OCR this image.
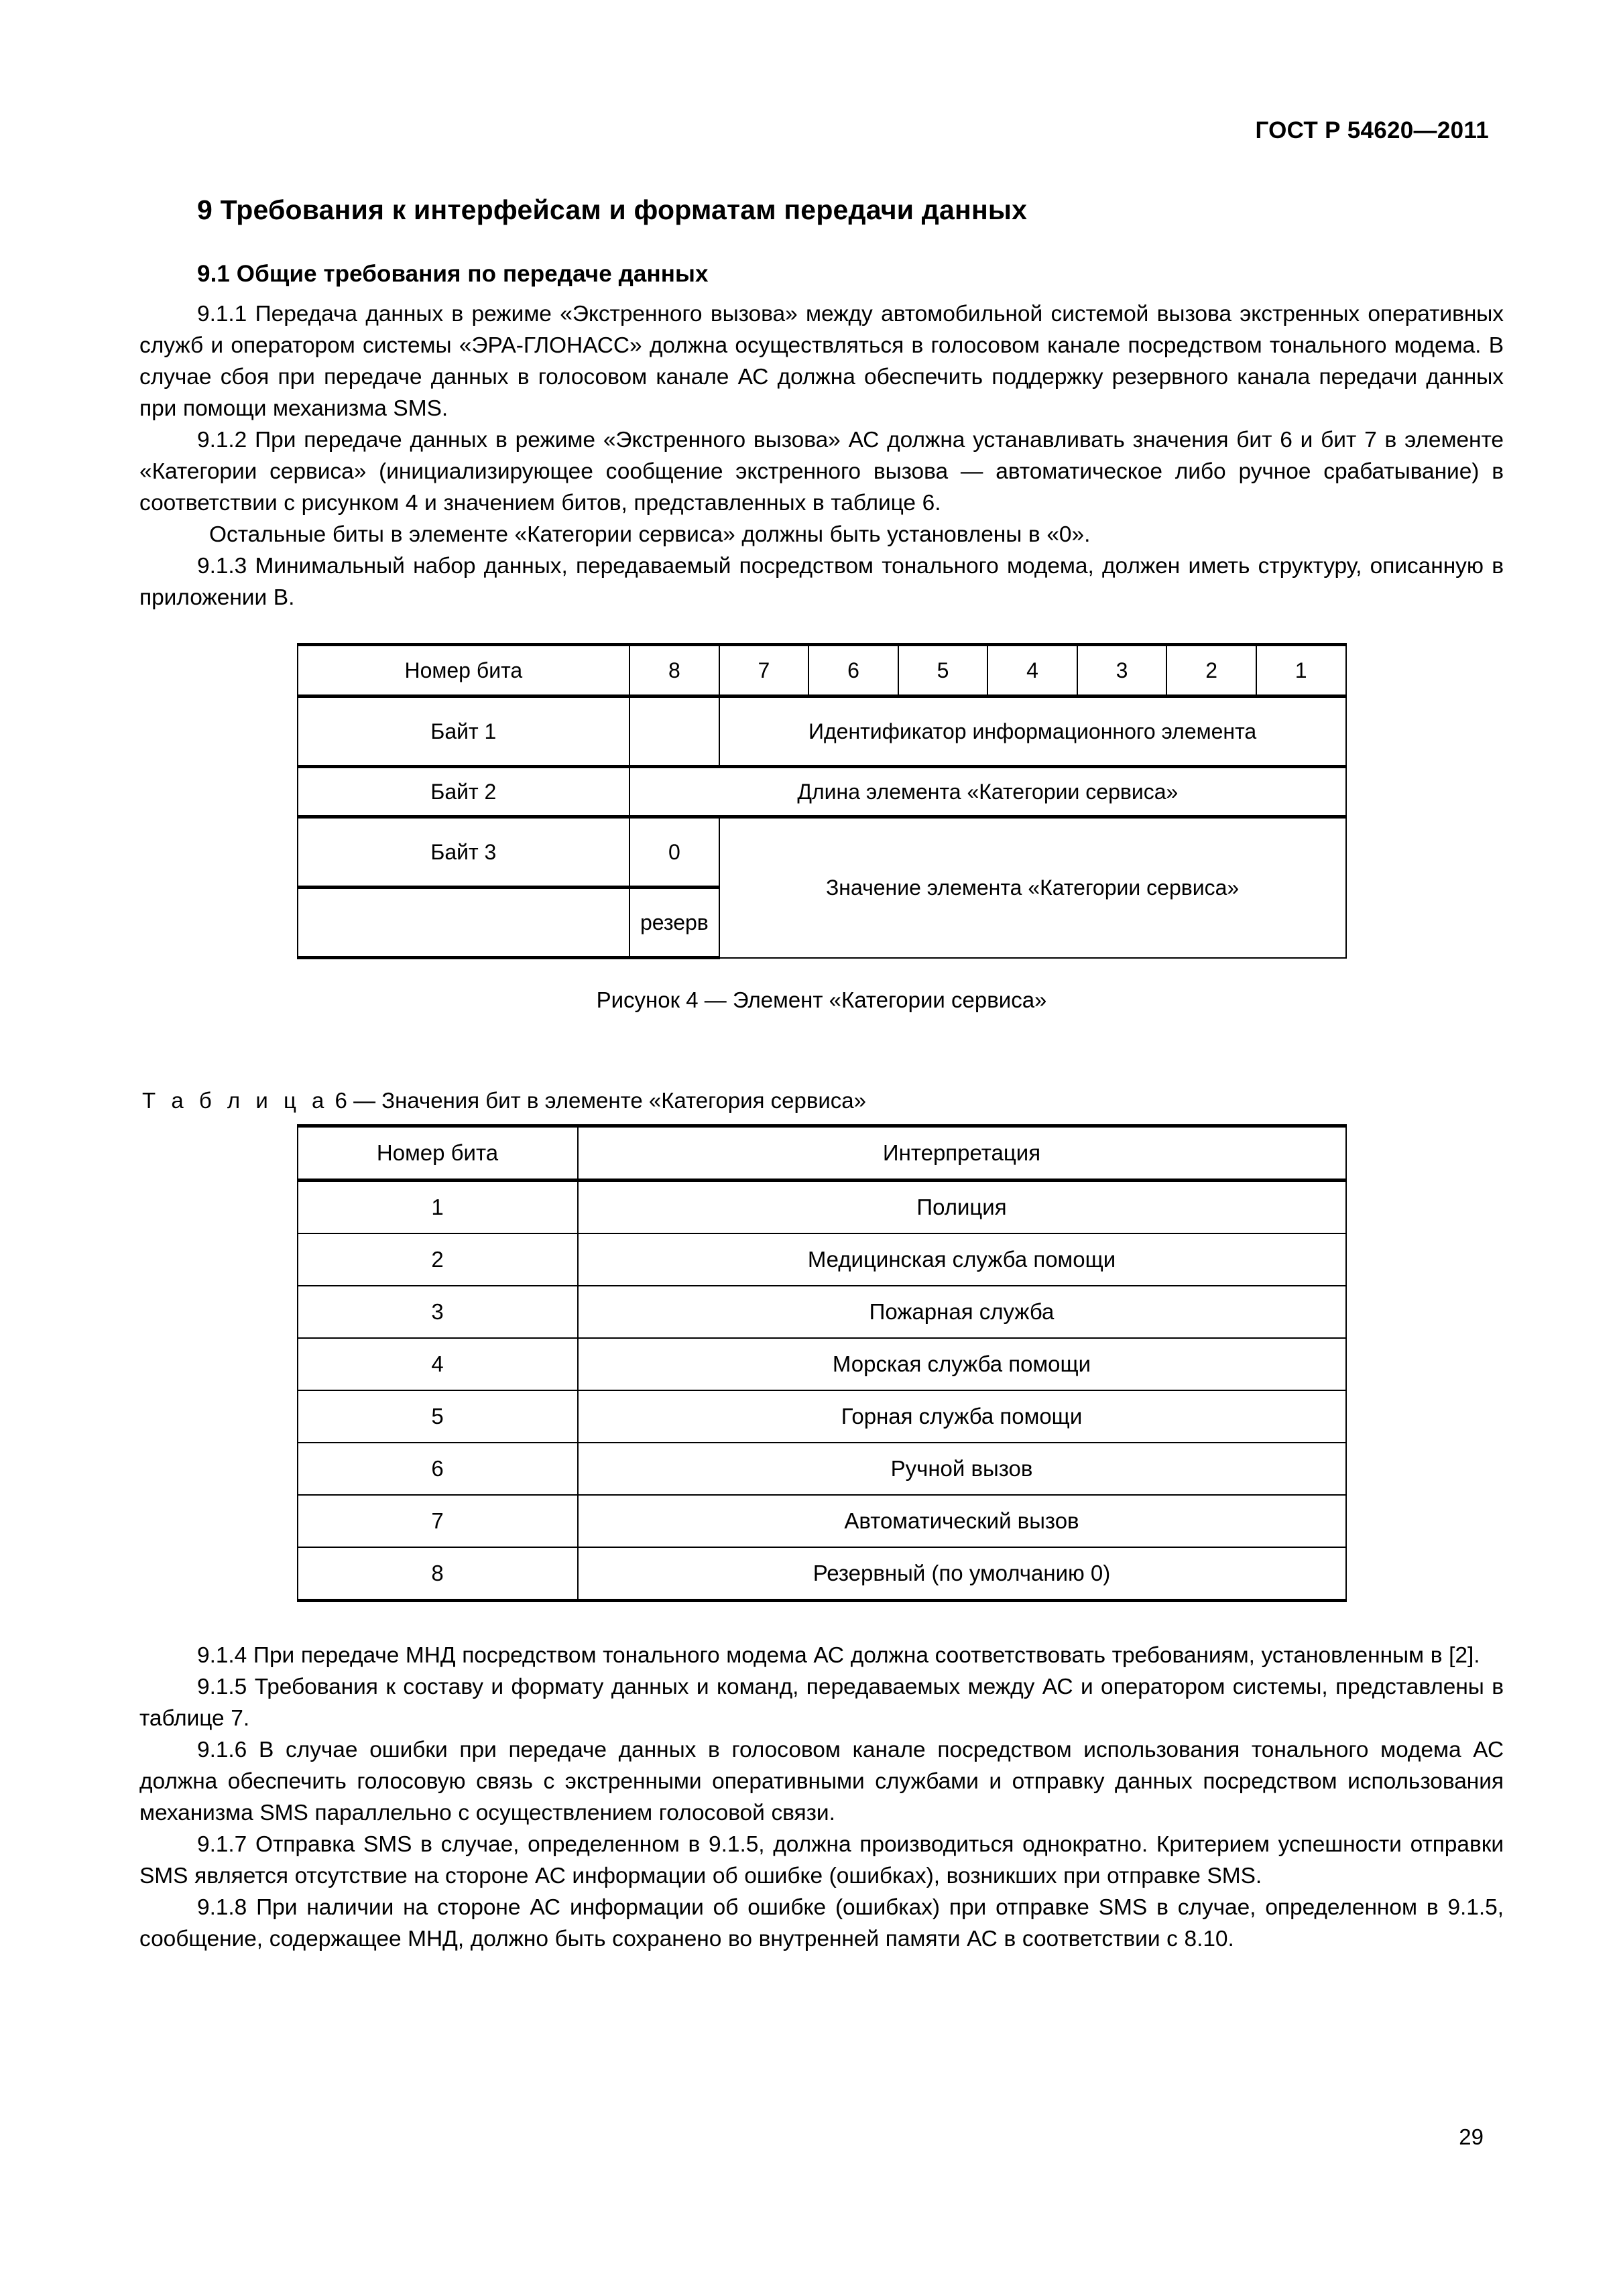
ГОСТ Р 54620—2011
9 Требования к интерфейсам и форматам передачи данных
9.1 Общие требования по передаче данных

9.1.1 Передача данных в режиме «Экстренного вызова» между автомобильной системой вызова экстренных оперативных служб и оператором системы «ЭРА-ГЛОНАСС» должна осуществляться в голосовом канале посредством тонального модема. В случае сбоя при передаче данных в голосовом канале АС должна обеспечить поддержку резервного канала передачи данных при помощи механизма SMS.

9.1.2 При передаче данных в режиме «Экстренного вызова» АС должна устанавливать значения бит 6 и бит 7 в элементе «Категории сервиса» (инициализирующее сообщение экстренного вызова — автоматическое либо ручное срабатывание) в соответствии с рисунком 4 и значением битов, представленных в таблице 6.

Остальные биты в элементе «Категории сервиса» должны быть установлены в «0».

9.1.3 Минимальный набор данных, передаваемый посредством тонального модема, должен иметь структуру, описанную в приложении В.

Номер бита	8	7	6	5	4	3	2	1
Байт 1		Идентификатор информационного элемента						
Байт 2	Длина элемента «Категории сервиса»							
Байт 3	0	Значение элемента «Категории сервиса»						
	резерв							
Рисунок 4 — Элемент «Категории сервиса»
Т а б л и ц а 6 — Значения бит в элементе «Категория сервиса»
Номер бита	Интерпретация
1	Полиция
2	Медицинская служба помощи
3	Пожарная служба
4	Морская служба помощи
5	Горная служба помощи
6	Ручной вызов
7	Автоматический вызов
8	Резервный (по умолчанию 0)

9.1.4 При передаче МНД посредством тонального модема АС должна соответствовать требованиям, установленным в [2].

9.1.5 Требования к составу и формату данных и команд, передаваемых между АС и оператором системы, представлены в таблице 7.

9.1.6 В случае ошибки при передаче данных в голосовом канале посредством использования тонального модема АС должна обеспечить голосовую связь с экстренными оперативными службами и отправку данных посредством использования механизма SMS параллельно с осуществлением голосовой связи.

9.1.7 Отправка SMS в случае, определенном в 9.1.5, должна производиться однократно. Критерием успешности отправки SMS является отсутствие на стороне АС информации об ошибке (ошибках), возникших при отправке SMS.

9.1.8 При наличии на стороне АС информации об ошибке (ошибках) при отправке SMS в случае, определенном в 9.1.5, сообщение, содержащее МНД, должно быть сохранено во внутренней памяти АС в соответствии с 8.10.

29
